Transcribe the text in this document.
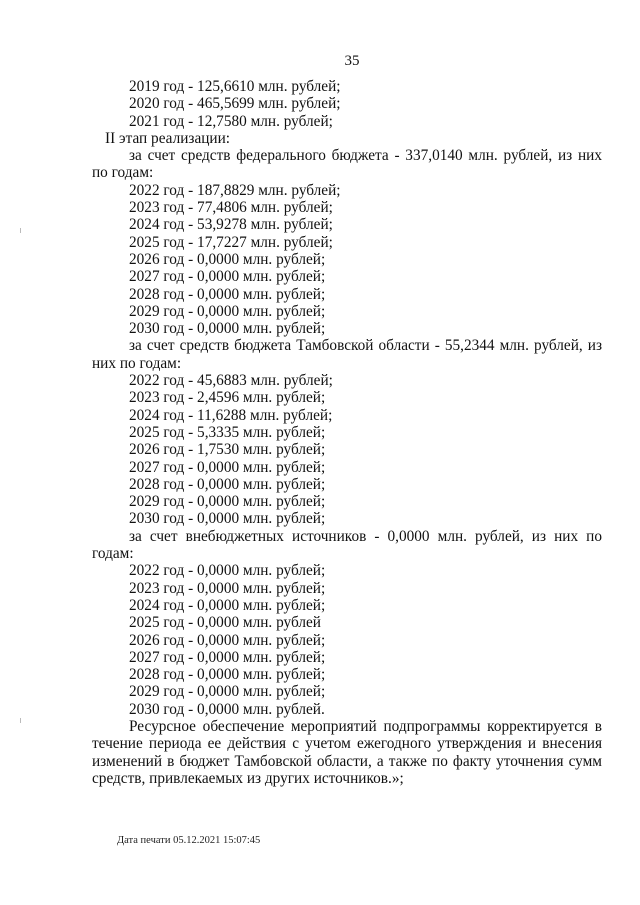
35
2019 год - 125,6610 млн. рублей;
2020 год - 465,5699 млн. рублей;
2021 год - 12,7580 млн. рублей;
II этап реализации:
за счет средств федерального бюджета - 337,0140 млн. рублей, из них
по годам:
2022 год - 187,8829 млн. рублей;
2023 год - 77,4806 млн. рублей;
2024 год - 53,9278 млн. рублей;
2025 год - 17,7227 млн. рублей;
2026 год - 0,0000 млн. рублей;
2027 год - 0,0000 млн. рублей;
2028 год - 0,0000 млн. рублей;
2029 год - 0,0000 млн. рублей;
2030 год - 0,0000 млн. рублей;
за счет средств бюджета Тамбовской области - 55,2344 млн. рублей, из
них по годам:
2022 год - 45,6883 млн. рублей;
2023 год - 2,4596 млн. рублей;
2024 год - 11,6288 млн. рублей;
2025 год - 5,3335 млн. рублей;
2026 год - 1,7530 млн. рублей;
2027 год - 0,0000 млн. рублей;
2028 год - 0,0000 млн. рублей;
2029 год - 0,0000 млн. рублей;
2030 год - 0,0000 млн. рублей;
за счет внебюджетных источников - 0,0000 млн. рублей, из них по
годам:
2022 год - 0,0000 млн. рублей;
2023 год - 0,0000 млн. рублей;
2024 год - 0,0000 млн. рублей;
2025 год - 0,0000 млн. рублей
2026 год - 0,0000 млн. рублей;
2027 год - 0,0000 млн. рублей;
2028 год - 0,0000 млн. рублей;
2029 год - 0,0000 млн. рублей;
2030 год - 0,0000 млн. рублей.
Ресурсное обеспечение мероприятий подпрограммы корректируется в
течение периода ее действия с учетом ежегодного утверждения и внесения
изменений в бюджет Тамбовской области, а также по факту уточнения сумм
средств, привлекаемых из других источников.»;
Дата печати 05.12.2021 15:07:45
